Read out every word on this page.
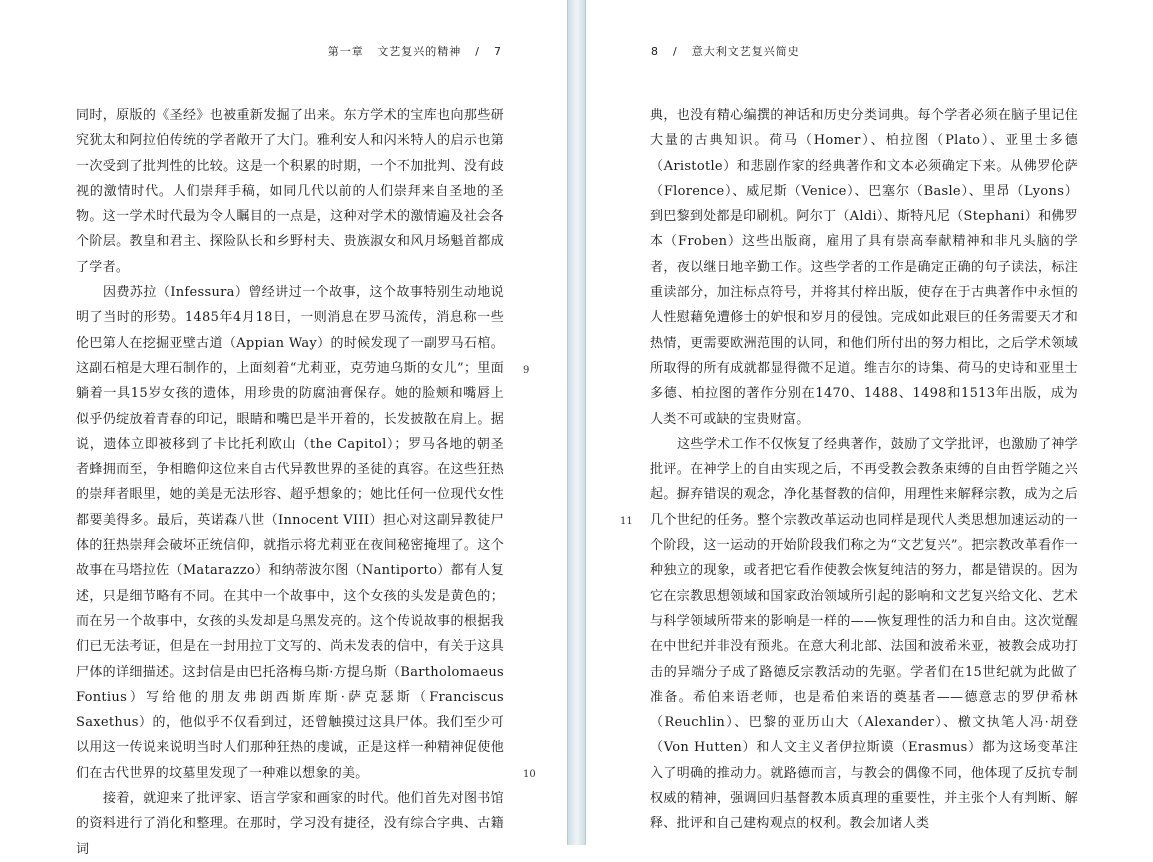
第一章 文艺复兴的精神 / 7

同时，原版的《圣经》也被重新发掘了出来。东方学术的宝库也向那些研究犹太和阿拉伯传统的学者敞开了大门。雅利安人和闪米特人的启示也第一次受到了批判性的比较。这是一个积累的时期，一个不加批判、没有歧视的激情时代。人们崇拜手稿，如同几代以前的人们崇拜来自圣地的圣物。这一学术时代最为令人瞩目的一点是，这种对学术的激情遍及社会各个阶层。教皇和君主、探险队长和乡野村夫、贵族淑女和风月场魁首都成了学者。

因费苏拉（Infessura）曾经讲过一个故事，这个故事特别生动地说明了当时的形势。1485年4月18日，一则消息在罗马流传，消息称一些伦巴第人在挖掘亚壁古道（Appian Way）的时候发现了一副罗马石棺。这副石棺是大理石制作的，上面刻着“尤莉亚，克劳迪乌斯的女儿”；里面躺着一具15岁女孩的遗体，用珍贵的防腐油膏保存。她的脸颊和嘴唇上似乎仍绽放着青春的印记，眼睛和嘴巴是半开着的，长发披散在肩上。据说，遗体立即被移到了卡比托利欧山（the Capitol）；罗马各地的朝圣者蜂拥而至，争相瞻仰这位来自古代异教世界的圣徒的真容。在这些狂热的崇拜者眼里，她的美是无法形容、超乎想象的；她比任何一位现代女性都要美得多。最后，英诺森八世（Innocent VIII）担心对这副异教徒尸体的狂热崇拜会破坏正统信仰，就指示将尤莉亚在夜间秘密掩埋了。这个故事在马塔拉佐（Matarazzo）和纳蒂波尔图（Nantiporto）都有人复述，只是细节略有不同。在其中一个故事中，这个女孩的头发是黄色的；而在另一个故事中，女孩的头发却是乌黑发亮的。这个传说故事的根据我们已无法考证，但是在一封用拉丁文写的、尚未发表的信中，有关于这具尸体的详细描述。这封信是由巴托洛梅乌斯·方提乌斯（Bartholomaeus Fontius）写给他的朋友弗朗西斯库斯·萨克瑟斯（Franciscus Saxethus）的，他似乎不仅看到过，还曾触摸过这具尸体。我们至少可以用这一传说来说明当时人们那种狂热的虔诚，正是这样一种精神促使他们在古代世界的坟墓里发现了一种难以想象的美。

接着，就迎来了批评家、语言学家和画家的时代。他们首先对图书馆的资料进行了消化和整理。在那时，学习没有捷径，没有综合字典、古籍词

9
10
8 / 意大利文艺复兴简史

典，也没有精心编撰的神话和历史分类词典。每个学者必须在脑子里记住大量的古典知识。荷马（Homer）、柏拉图（Plato）、亚里士多德（Aristotle）和悲剧作家的经典著作和文本必须确定下来。从佛罗伦萨（Florence）、威尼斯（Venice）、巴塞尔（Basle）、里昂（Lyons）到巴黎到处都是印刷机。阿尔丁（Aldi）、斯特凡尼（Stephani）和佛罗本（Froben）这些出版商，雇用了具有崇高奉献精神和非凡头脑的学者，夜以继日地辛勤工作。这些学者的工作是确定正确的句子读法，标注重读部分，加注标点符号，并将其付梓出版，使存在于古典著作中永恒的人性慰藉免遭修士的妒恨和岁月的侵蚀。完成如此艰巨的任务需要天才和热情，更需要欧洲范围的认同，和他们所付出的努力相比，之后学术领域所取得的所有成就都显得微不足道。维吉尔的诗集、荷马的史诗和亚里士多德、柏拉图的著作分别在1470、1488、1498和1513年出版，成为人类不可或缺的宝贵财富。

这些学术工作不仅恢复了经典著作，鼓励了文学批评，也激励了神学批评。在神学上的自由实现之后，不再受教会教条束缚的自由哲学随之兴起。摒弃错误的观念，净化基督教的信仰，用理性来解释宗教，成为之后几个世纪的任务。整个宗教改革运动也同样是现代人类思想加速运动的一个阶段，这一运动的开始阶段我们称之为“文艺复兴”。把宗教改革看作一种独立的现象，或者把它看作使教会恢复纯洁的努力，都是错误的。因为它在宗教思想领域和国家政治领域所引起的影响和文艺复兴给文化、艺术与科学领域所带来的影响是一样的——恢复理性的活力和自由。这次觉醒在中世纪并非没有预兆。在意大利北部、法国和波希米亚，被教会成功打击的异端分子成了路德反宗教活动的先驱。学者们在15世纪就为此做了准备。希伯来语老师，也是希伯来语的奠基者——德意志的罗伊希林（Reuchlin）、巴黎的亚历山大（Alexander）、檄文执笔人冯·胡登（Von Hutten）和人文主义者伊拉斯谟（Erasmus）都为这场变革注入了明确的推动力。就路德而言，与教会的偶像不同，他体现了反抗专制权威的精神，强调回归基督教本质真理的重要性，并主张个人有判断、解释、批评和自己建构观点的权利。教会加诸人类

11
